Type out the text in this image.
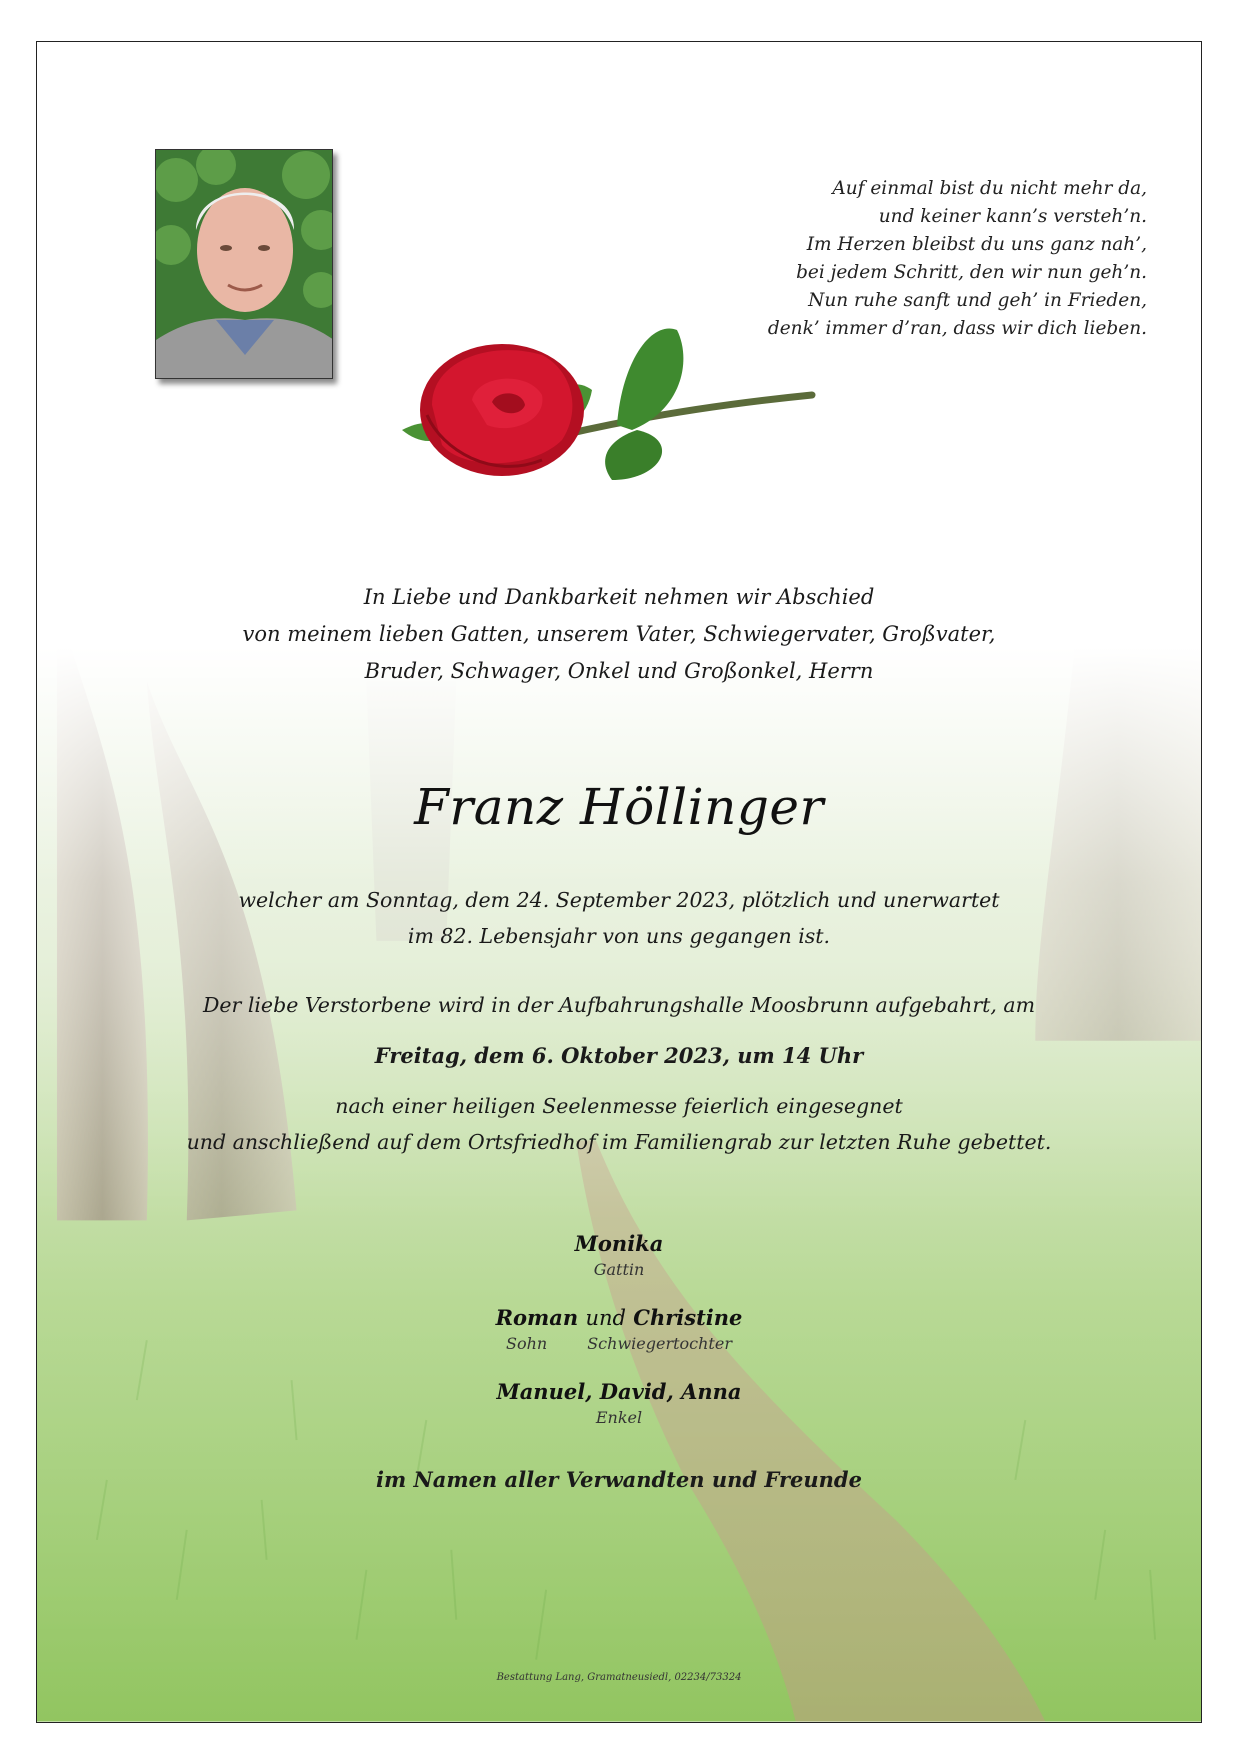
Auf einmal bist du nicht mehr da,
und keiner kann’s versteh’n.
Im Herzen bleibst du uns ganz nah’,
bei jedem Schritt, den wir nun geh’n.
Nun ruhe sanft und geh’ in Frieden,
denk’ immer d’ran, dass wir dich lieben.
In Liebe und Dankbarkeit nehmen wir Abschied
von meinem lieben Gatten, unserem Vater, Schwiegervater, Großvater,
Bruder, Schwager, Onkel und Großonkel, Herrn
Franz Höllinger
welcher am Sonntag, dem 24. September 2023, plötzlich und unerwartet
im 82. Lebensjahr von uns gegangen ist.
Der liebe Verstorbene wird in der Aufbahrungshalle Moosbrunn aufgebahrt, am
Freitag, dem 6. Oktober 2023, um 14 Uhr
nach einer heiligen Seelenmesse feierlich eingesegnet
und anschließend auf dem Ortsfriedhof im Familiengrab zur letzten Ruhe gebettet.
Monika
Gattin
Roman und Christine
Sohn	Schwiegertochter
Manuel, David, Anna
Enkel
im Namen aller Verwandten und Freunde
Bestattung Lang, Gramatneusiedl, 02234/73324
